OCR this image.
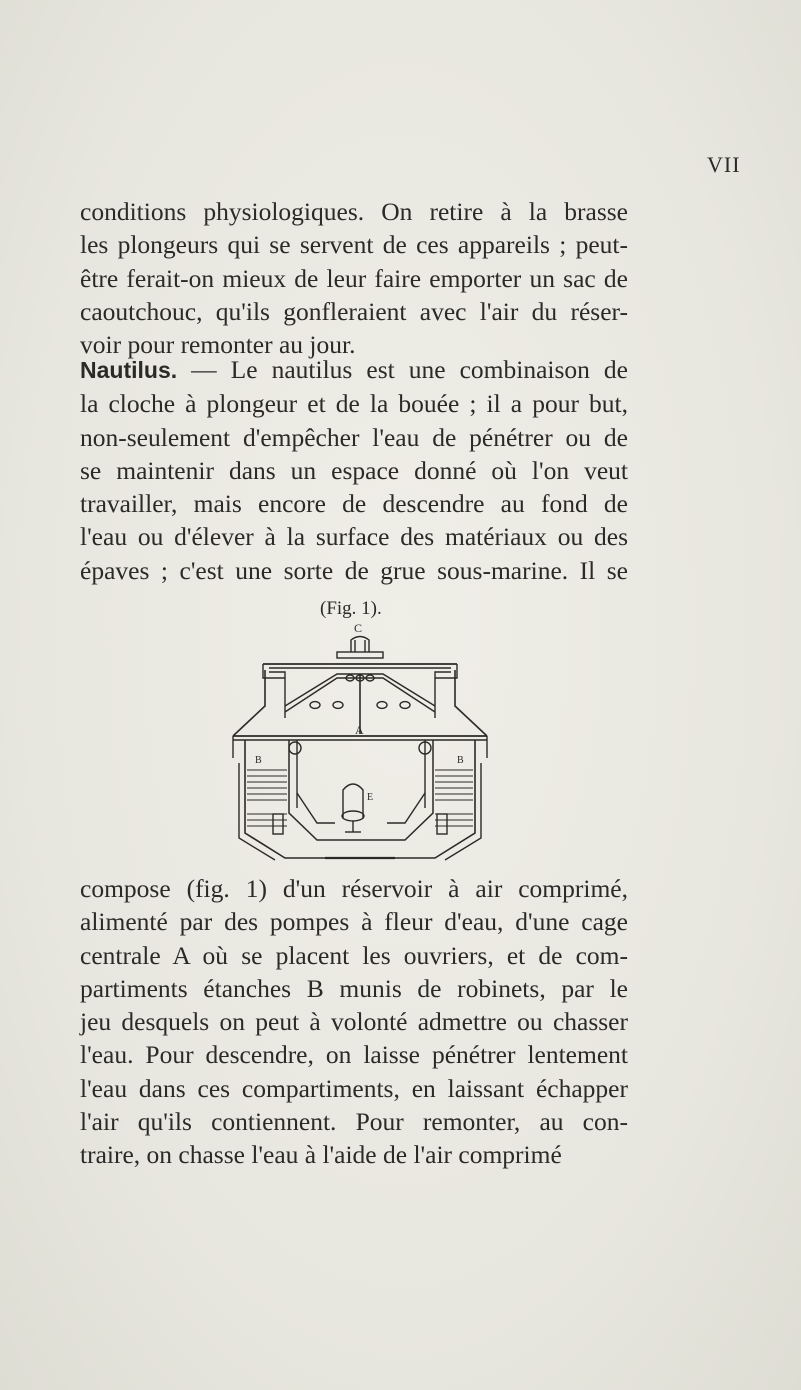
VII

conditions physiologiques. On retire à la brasse
les plongeurs qui se servent de ces appareils ; peut-
être ferait-on mieux de leur faire emporter un sac de
caoutchouc, qu'ils gonfleraient avec l'air du réser-
voir pour remonter au jour.

Nautilus. — Le nautilus est une combinaison de
la cloche à plongeur et de la bouée ; il a pour but,
non-seulement d'empêcher l'eau de pénétrer ou de
se maintenir dans un espace donné où l'on veut
travailler, mais encore de descendre au fond de
l'eau ou d'élever à la surface des matériaux ou des
épaves ; c'est une sorte de grue sous-marine. Il se

(Fig. 1).
C
A
B	B
E

compose (fig. 1) d'un réservoir à air comprimé,
alimenté par des pompes à fleur d'eau, d'une cage
centrale A où se placent les ouvriers, et de com-
partiments étanches B munis de robinets, par le
jeu desquels on peut à volonté admettre ou chasser
l'eau. Pour descendre, on laisse pénétrer lentement
l'eau dans ces compartiments, en laissant échapper
l'air qu'ils contiennent. Pour remonter, au con-
traire, on chasse l'eau à l'aide de l'air comprimé
